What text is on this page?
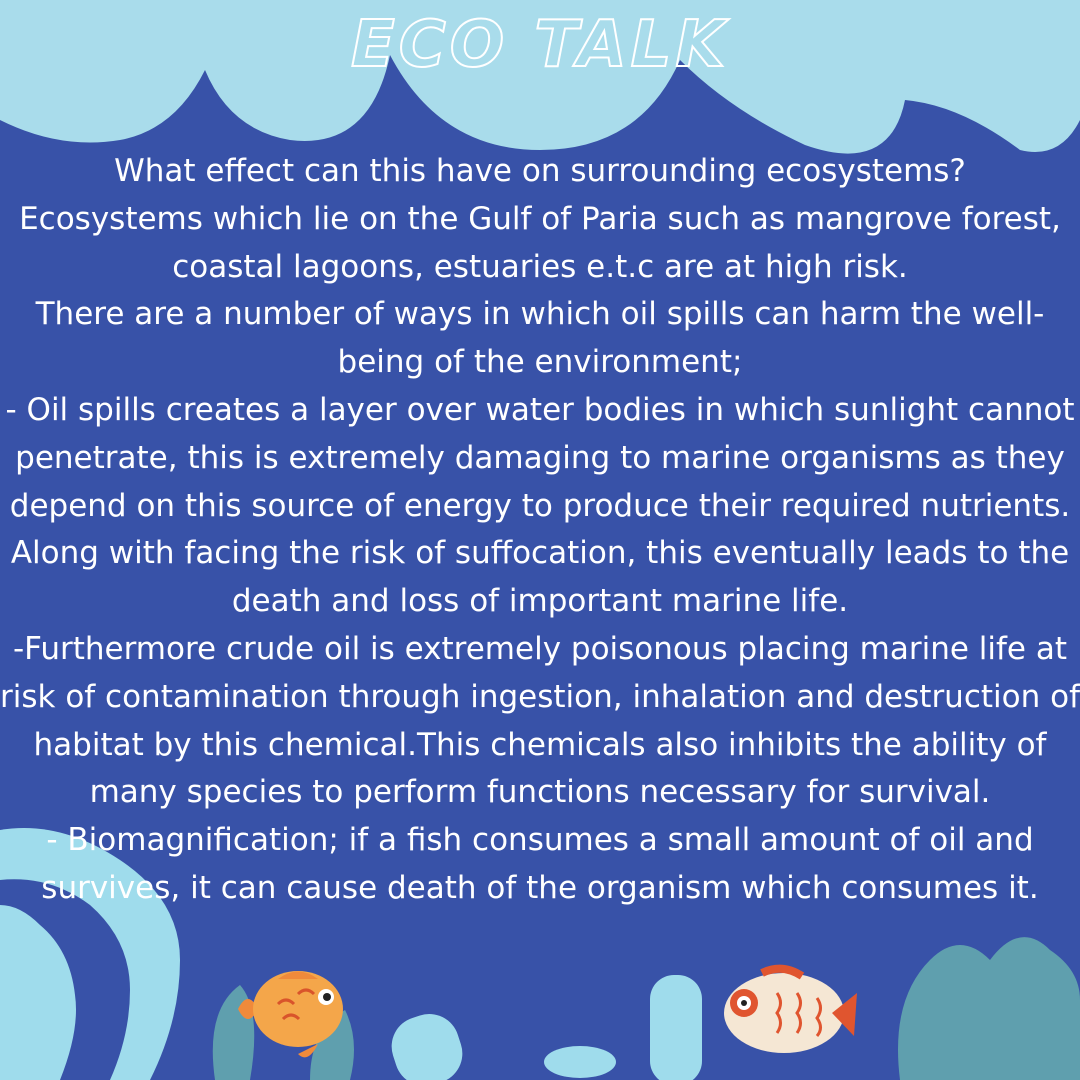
ECO TALK

What effect can this have on surrounding ecosystems?

Ecosystems which lie on the Gulf of Paria such as mangrove forest, coastal lagoons, estuaries e.t.c are at high risk.

There are a number of ways in which oil spills can harm the well-being of the environment;

- Oil spills creates a layer over water bodies in which sunlight cannot penetrate, this is extremely damaging to marine organisms as they depend on this source of energy to produce their required nutrients. Along with facing the risk of suffocation, this eventually leads to the death and loss of important marine life.

-Furthermore crude oil is extremely poisonous placing marine life at risk of contamination through ingestion, inhalation and destruction of habitat by this chemical.This chemicals also inhibits the ability of many species to perform functions necessary for survival.

- Biomagnification; if a fish consumes a small amount of oil and survives, it can cause death of the organism which consumes it.
